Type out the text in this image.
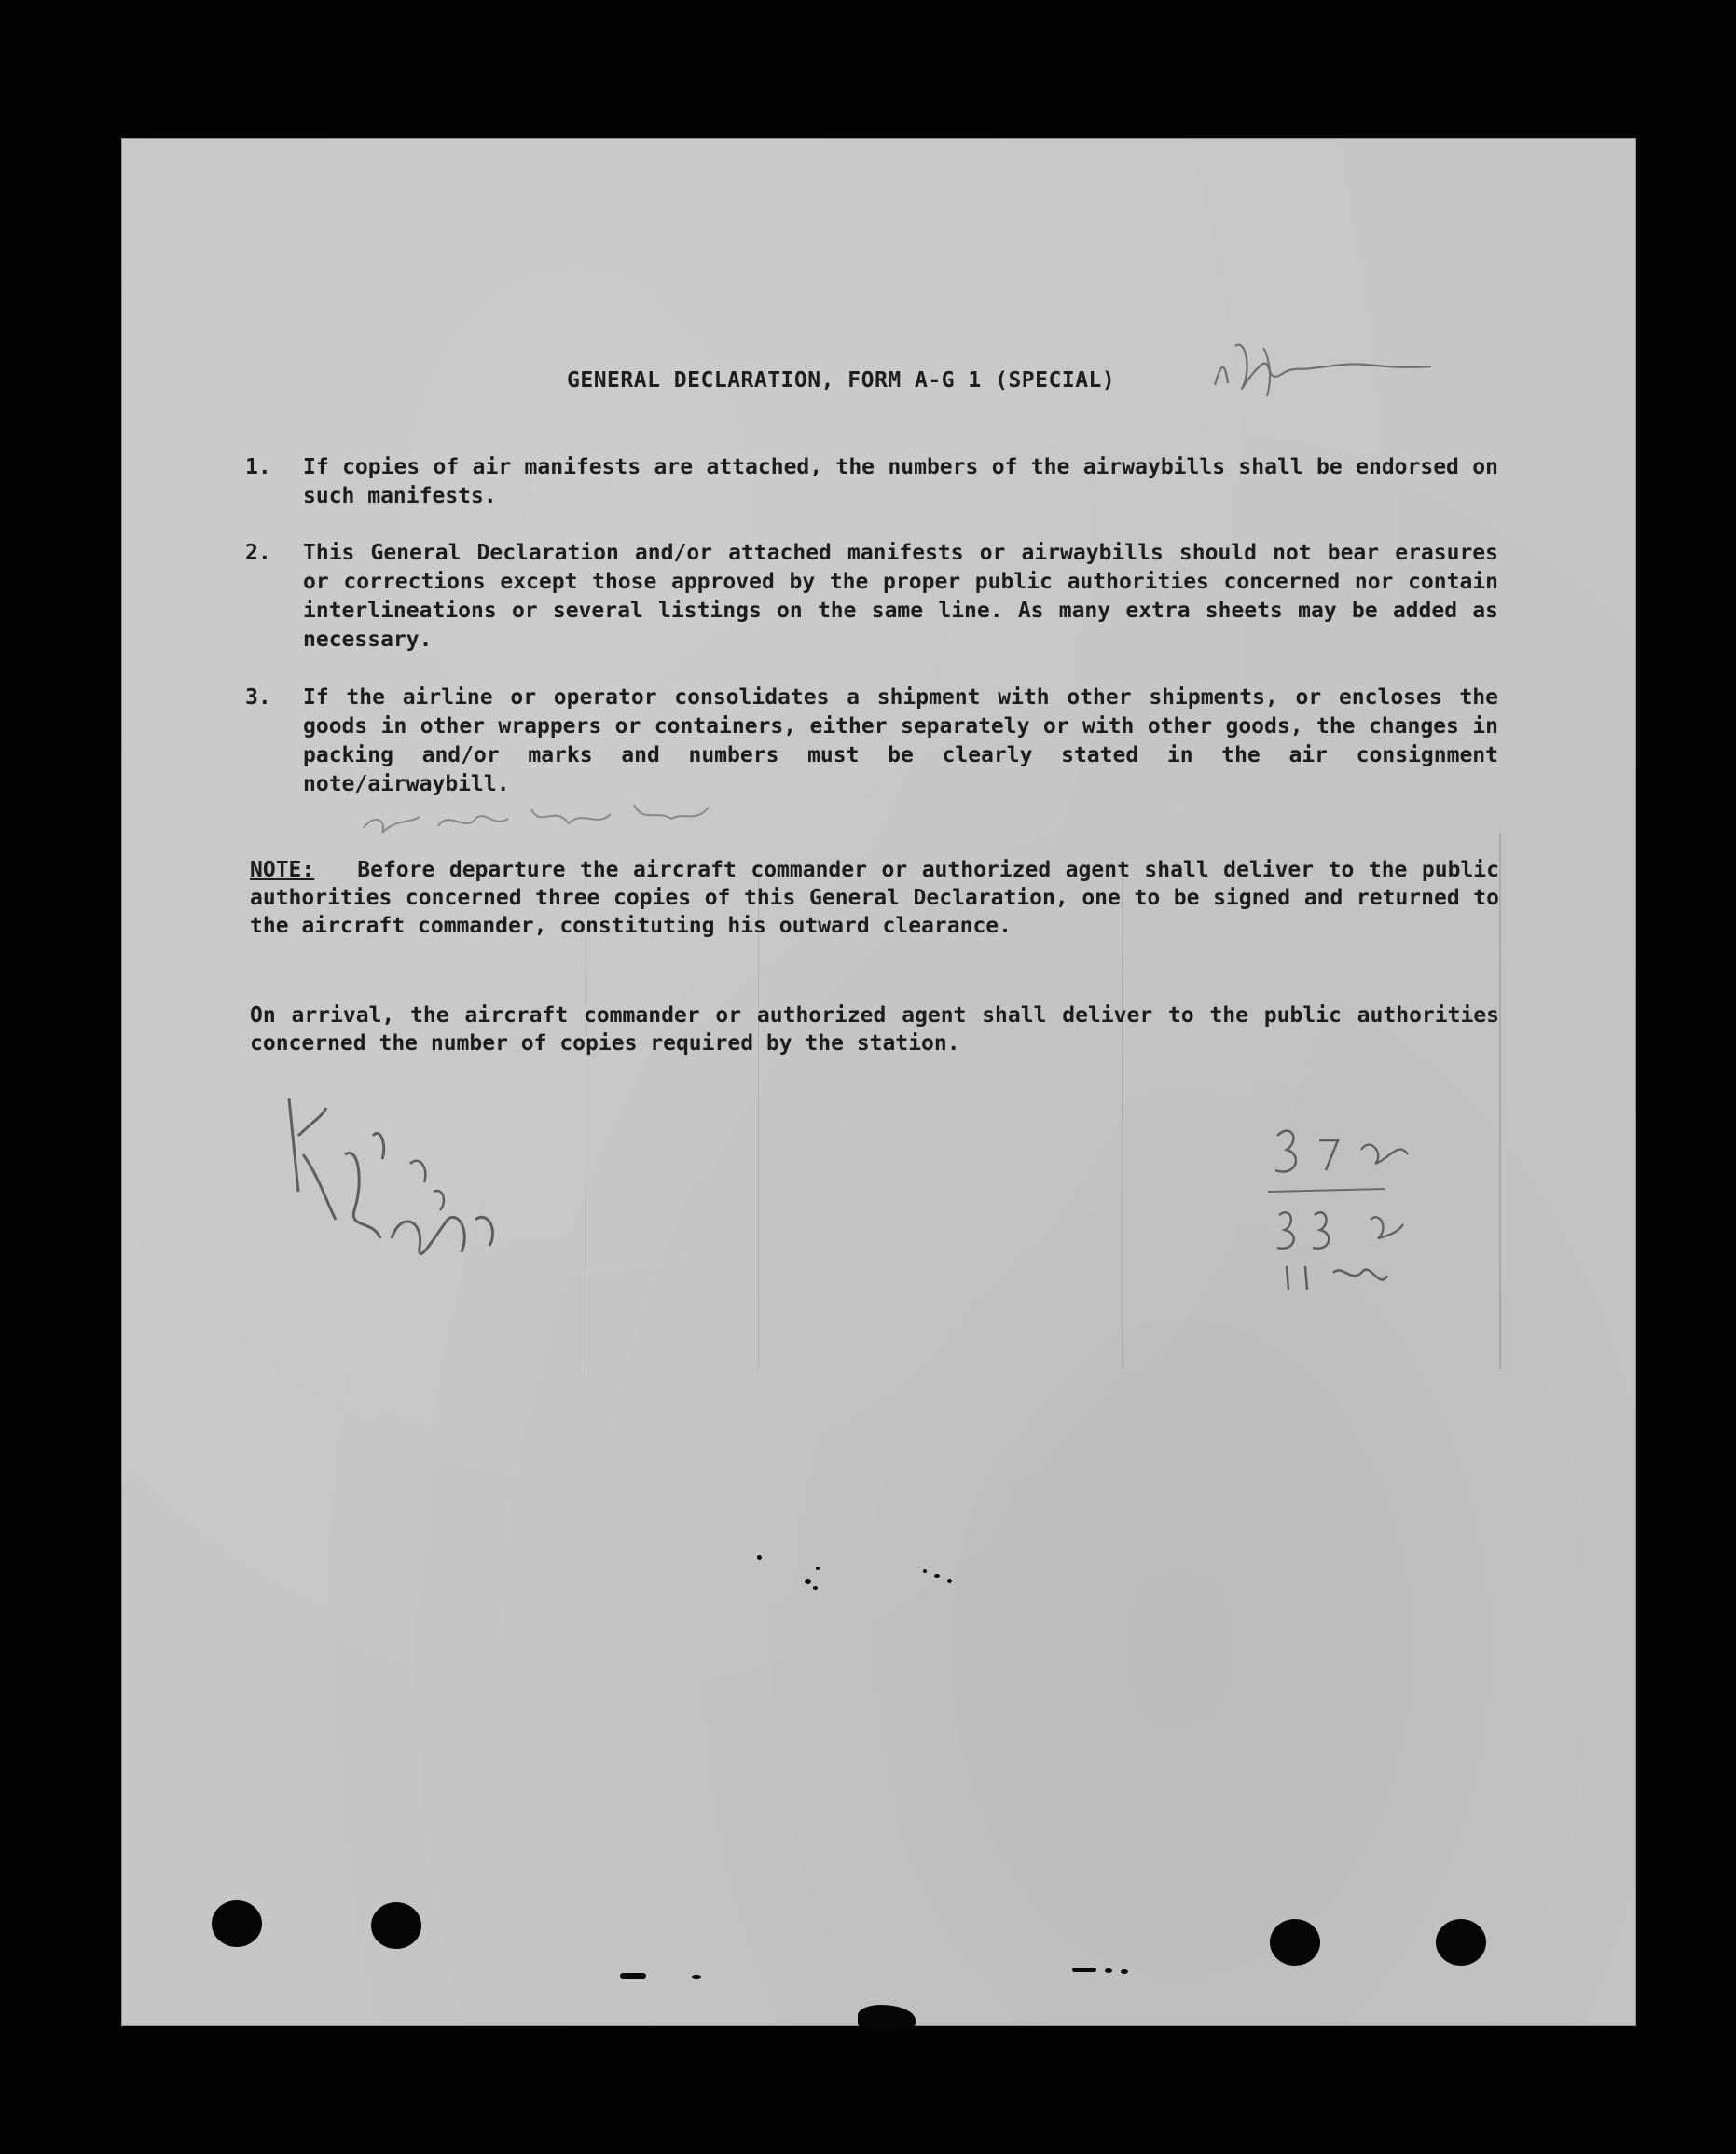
GENERAL DECLARATION, FORM A-G 1 (SPECIAL)
1.	If copies of air manifests are attached, the numbers of the airwaybills shall be endorsed on such manifests.
2.	This General Declaration and/or attached manifests or airwaybills should not bear erasures or corrections except those approved by the proper public authorities concerned nor contain interlineations or several listings on the same line. As many extra sheets may be added as necessary.
3.	If the airline or operator consolidates a shipment with other shipments, or encloses the goods in other wrappers or containers, either separately or with other goods, the changes in packing and/or marks and numbers must be clearly stated in the air consignment note/airwaybill.
NOTE: Before departure the aircraft commander or authorized agent shall deliver to the public authorities concerned three copies of this General Declaration, one to be signed and returned to the aircraft commander, constituting his outward clearance.
On arrival, the aircraft commander or authorized agent shall deliver to the public authorities concerned the number of copies required by the station.
